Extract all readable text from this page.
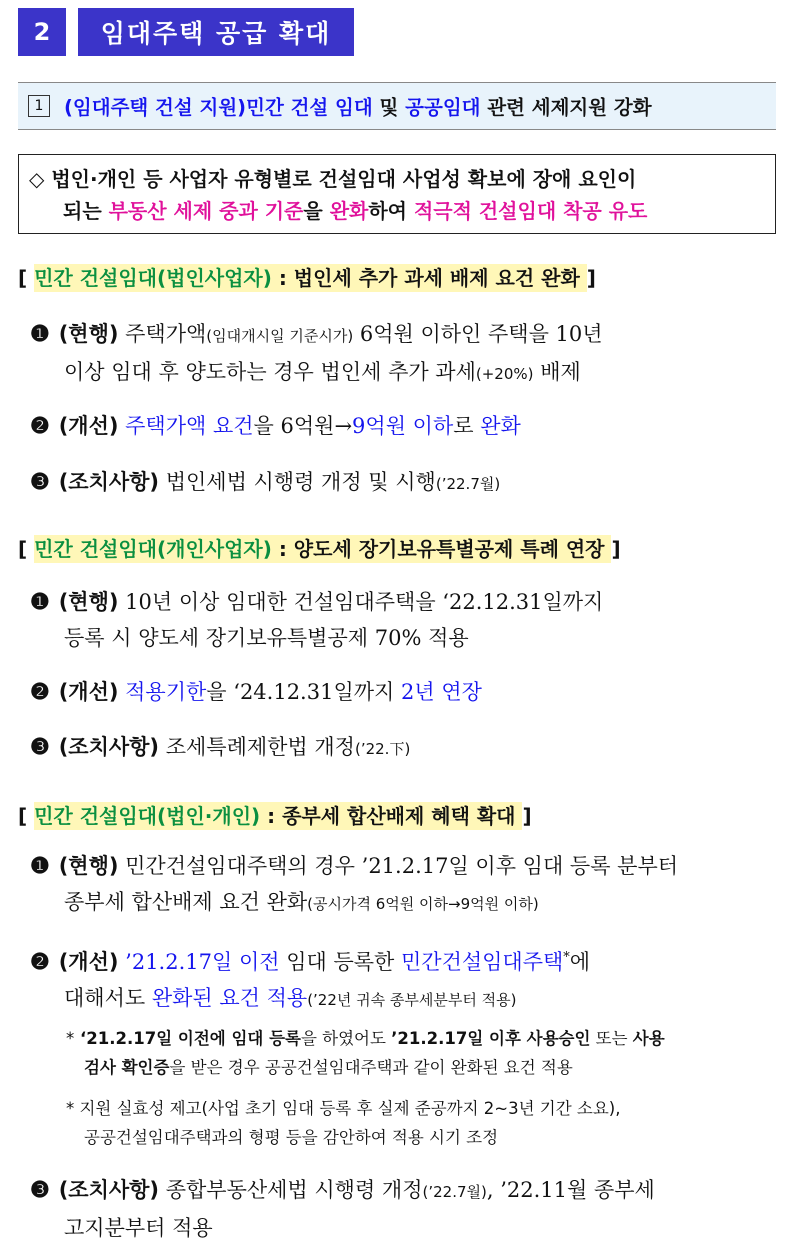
2	임대주택 공급 확대
1	(임대주택 건설 지원) 민간 건설 임대 및 공공임대 관련 세제지원 강화
◇ 법인·개인 등 사업자 유형별로 건설임대 사업성 확보에 장애 요인이
되는 부동산 세제 중과 기준을 완화하여 적극적 건설임대 착공 유도
[ 민간 건설임대(법인사업자) : 법인세 추가 과세 배제 요건 완화 ]
❶ (현행) 주택가액(임대개시일 기준시가) 6억원 이하인 주택을 10년
이상 임대 후 양도하는 경우 법인세 추가 과세(+20%) 배제
❷ (개선) 주택가액 요건을 6억원→9억원 이하로 완화
❸ (조치사항) 법인세법 시행령 개정 및 시행(’22.7월)
[ 민간 건설임대(개인사업자) : 양도세 장기보유특별공제 특례 연장 ]
❶ (현행) 10년 이상 임대한 건설임대주택을 ‘22.12.31일까지
등록 시 양도세 장기보유특별공제 70% 적용
❷ (개선) 적용기한을 ‘24.12.31일까지 2년 연장
❸ (조치사항) 조세특례제한법 개정(’22.下)
[ 민간 건설임대(법인·개인) : 종부세 합산배제 혜택 확대 ]
❶ (현행) 민간건설임대주택의 경우 ’21.2.17일 이후 임대 등록 분부터
종부세 합산배제 요건 완화(공시가격 6억원 이하→9억원 이하)
❷ (개선) ’21.2.17일 이전 임대 등록한 민간건설임대주택*에
대해서도 완화된 요건 적용(’22년 귀속 종부세분부터 적용)
* ‘21.2.17일 이전에 임대 등록을 하였어도 ’21.2.17일 이후 사용승인 또는 사용
검사 확인증을 받은 경우 공공건설임대주택과 같이 완화된 요건 적용
* 지원 실효성 제고(사업 초기 임대 등록 후 실제 준공까지 2~3년 기간 소요),
공공건설임대주택과의 형평 등을 감안하여 적용 시기 조정
❸ (조치사항) 종합부동산세법 시행령 개정(’22.7월), ’22.11월 종부세
고지분부터 적용
